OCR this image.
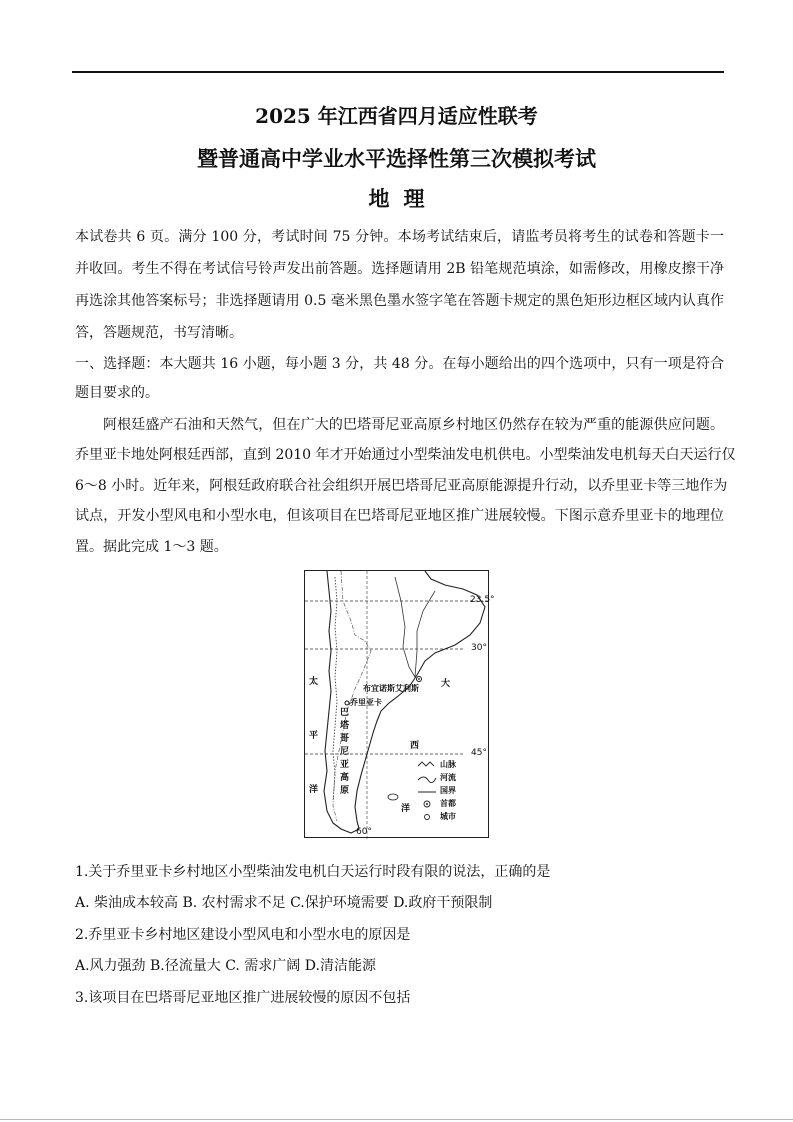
2025 年江西省四月适应性联考
暨普通高中学业水平选择性第三次模拟考试
地理
本试卷共 6 页。满分 100 分，考试时间 75 分钟。本场考试结束后，请监考员将考生的试卷和答题卡一
并收回。考生不得在考试信号铃声发出前答题。选择题请用 2B 铅笔规范填涂，如需修改，用橡皮擦干净
再选涂其他答案标号；非选择题请用 0.5 毫米黑色墨水签字笔在答题卡规定的黑色矩形边框区域内认真作
答，答题规范，书写清晰。
一、选择题：本大题共 16 小题，每小题 3 分，共 48 分。在每小题给出的四个选项中，只有一项是符合
题目要求的。
阿根廷盛产石油和天然气，但在广大的巴塔哥尼亚高原乡村地区仍然存在较为严重的能源供应问题。
乔里亚卡地处阿根廷西部，直到 2010 年才开始通过小型柴油发电机供电。小型柴油发电机每天白天运行仅
6～8 小时。近年来，阿根廷政府联合社会组织开展巴塔哥尼亚高原能源提升行动，以乔里亚卡等三地作为
试点，开发小型风电和小型水电，但该项目在巴塔哥尼亚地区推广进展较慢。下图示意乔里亚卡的地理位
置。据此完成 1～3 题。
23.5°
30°
45°
60°
太平洋
大
西
洋
巴塔哥尼亚高原
布宜诺斯艾利斯
乔里亚卡
山脉
河流
国界
首都
城市
1.关于乔里亚卡乡村地区小型柴油发电机白天运行时段有限的说法，正确的是
A. 柴油成本较高 B. 农村需求不足 C.保护环境需要 D.政府干预限制
2.乔里亚卡乡村地区建设小型风电和小型水电的原因是
A.风力强劲 B.径流量大 C. 需求广阔 D.清洁能源
3.该项目在巴塔哥尼亚地区推广进展较慢的原因不包括
